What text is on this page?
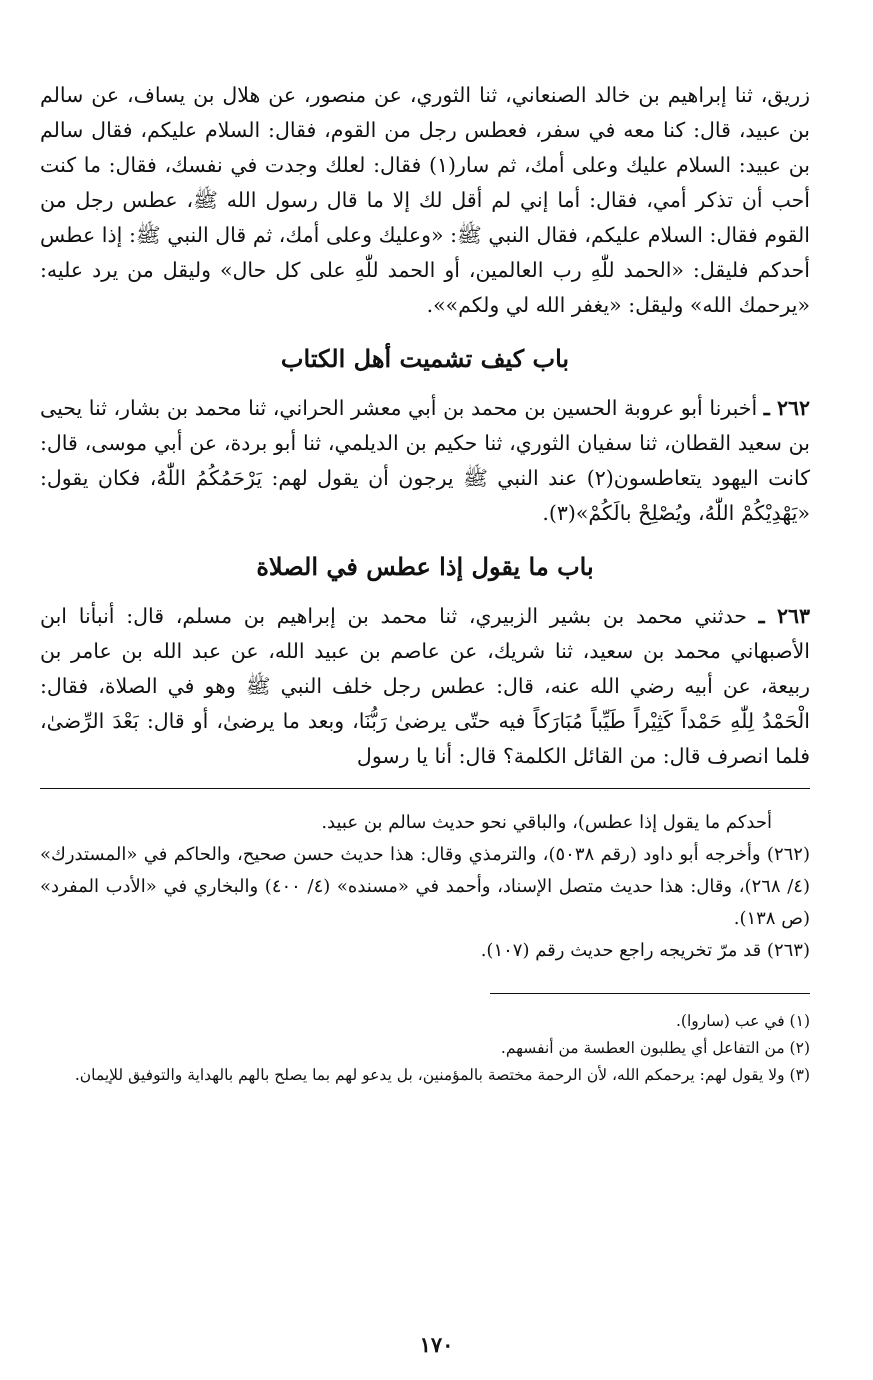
زريق، ثنا إبراهيم بن خالد الصنعاني، ثنا الثوري، عن منصور، عن هلال بن يساف، عن سالم بن عبيد، قال: كنا معه في سفر، فعطس رجل من القوم، فقال: السلام عليكم، فقال سالم بن عبيد: السلام عليك وعلى أمك، ثم سار(١) فقال: لعلك وجدت في نفسك، فقال: ما كنت أحب أن تذكر أمي، فقال: أما إني لم أقل لك إلا ما قال رسول الله ﷺ، عطس رجل من القوم فقال: السلام عليكم، فقال النبي ﷺ: «وعليك وعلى أمك، ثم قال النبي ﷺ: إذا عطس أحدكم فليقل: «الحمد للّٰهِ رب العالمين، أو الحمد للّٰهِ على كل حال» وليقل من يرد عليه: «يرحمك الله» وليقل: «يغفر الله لي ولكم»».

باب كيف تشميت أهل الكتاب

٢٦٢ ـ أخبرنا أبو عروبة الحسين بن محمد بن أبي معشر الحراني، ثنا محمد بن بشار، ثنا يحيى بن سعيد القطان، ثنا سفيان الثوري، ثنا حكيم بن الديلمي، ثنا أبو بردة، عن أبي موسى، قال: كانت اليهود يتعاطسون(٢) عند النبي ﷺ يرجون أن يقول لهم: يَرْحَمُكُمُ اللّٰهُ، فكان يقول: «يَهْدِيْكُمْ اللّٰهُ، ويُصْلِحْ بالَكُمْ»(٣).

باب ما يقول إذا عطس في الصلاة

٢٦٣ ـ حدثني محمد بن بشير الزبيري، ثنا محمد بن إبراهيم بن مسلم، قال: أنبأنا ابن الأصبهاني محمد بن سعيد، ثنا شريك، عن عاصم بن عبيد الله، عن عبد الله بن عامر بن ربيعة، عن أبيه رضي الله عنه، قال: عطس رجل خلف النبي ﷺ وهو في الصلاة، فقال: الْحَمْدُ لِلّٰهِ حَمْداً كَثِيْراً طَيِّباً مُبَارَكاً فيه حتّى يرضىٰ رَبُّنَا، وبعد ما يرضىٰ، أو قال: بَعْدَ الرِّضىٰ، فلما انصرف قال: من القائل الكلمة؟ قال: أنا يا رسول

أحدكم ما يقول إذا عطس)، والباقي نحو حديث سالم بن عبيد.

(٢٦٢) وأخرجه أبو داود (رقم ٥٠٣٨)، والترمذي وقال: هذا حديث حسن صحيح، والحاكم في «المستدرك» (٤/ ٢٦٨)، وقال: هذا حديث متصل الإسناد، وأحمد في «مسنده» (٤/ ٤٠٠) والبخاري في «الأدب المفرد» (ص ١٣٨).

(٢٦٣) قد مرّ تخريجه راجع حديث رقم (١٠٧).

(١) في عب (ساروا).

(٢) من التفاعل أي يطلبون العطسة من أنفسهم.

(٣) ولا يقول لهم: يرحمكم الله، لأن الرحمة مختصة بالمؤمنين، بل يدعو لهم بما يصلح بالهم بالهداية والتوفيق للإيمان.

١٧٠
